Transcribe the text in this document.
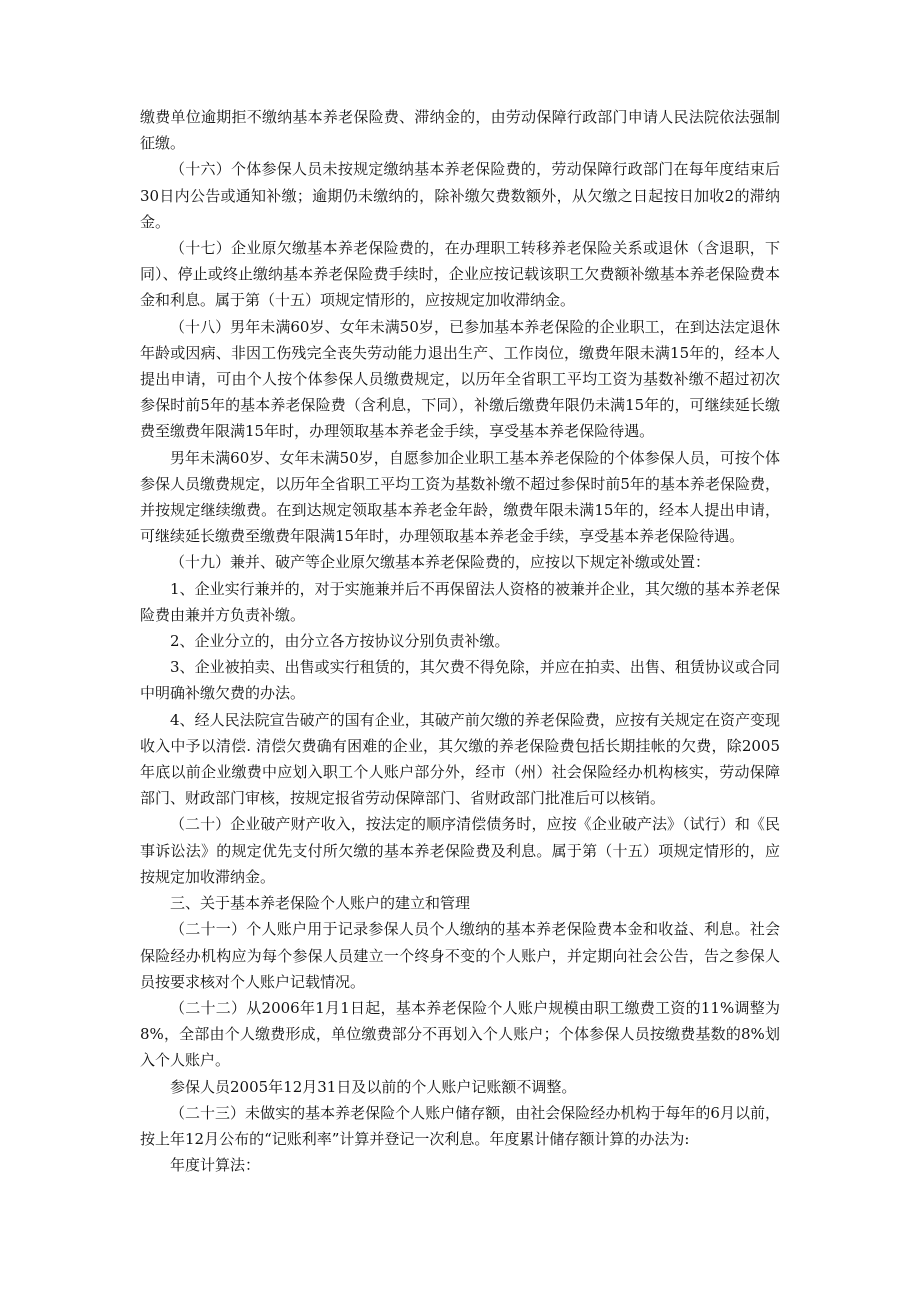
缴费单位逾期拒不缴纳基本养老保险费、滞纳金的，由劳动保障行政部门申请人民法院依法强制征缴。

（十六）个体参保人员未按规定缴纳基本养老保险费的，劳动保障行政部门在每年度结束后30日内公告或通知补缴；逾期仍未缴纳的，除补缴欠费数额外，从欠缴之日起按日加收2的滞纳金。

（十七）企业原欠缴基本养老保险费的，在办理职工转移养老保险关系或退休（含退职，下同）、停止或终止缴纳基本养老保险费手续时，企业应按记载该职工欠费额补缴基本养老保险费本金和利息。属于第（十五）项规定情形的，应按规定加收滞纳金。

（十八）男年未满60岁、女年未满50岁，已参加基本养老保险的企业职工，在到达法定退休年龄或因病、非因工伤残完全丧失劳动能力退出生产、工作岗位，缴费年限未满15年的，经本人提出申请，可由个人按个体参保人员缴费规定，以历年全省职工平均工资为基数补缴不超过初次参保时前5年的基本养老保险费（含利息，下同），补缴后缴费年限仍未满15年的，可继续延长缴费至缴费年限满15年时，办理领取基本养老金手续，享受基本养老保险待遇。

男年未满60岁、女年未满50岁，自愿参加企业职工基本养老保险的个体参保人员，可按个体参保人员缴费规定，以历年全省职工平均工资为基数补缴不超过参保时前5年的基本养老保险费，并按规定继续缴费。在到达规定领取基本养老金年龄，缴费年限未满15年的，经本人提出申请，可继续延长缴费至缴费年限满15年时，办理领取基本养老金手续，享受基本养老保险待遇。

（十九）兼并、破产等企业原欠缴基本养老保险费的，应按以下规定补缴或处置：

1、企业实行兼并的，对于实施兼并后不再保留法人资格的被兼并企业，其欠缴的基本养老保险费由兼并方负责补缴。

2、企业分立的，由分立各方按协议分别负责补缴。

3、企业被拍卖、出售或实行租赁的，其欠费不得免除，并应在拍卖、出售、租赁协议或合同中明确补缴欠费的办法。

4、经人民法院宣告破产的国有企业，其破产前欠缴的养老保险费，应按有关规定在资产变现收入中予以清偿. 清偿欠费确有困难的企业，其欠缴的养老保险费包括长期挂帐的欠费，除2005年底以前企业缴费中应划入职工个人账户部分外，经市（州）社会保险经办机构核实，劳动保障部门、财政部门审核，按规定报省劳动保障部门、省财政部门批准后可以核销。

（二十）企业破产财产收入，按法定的顺序清偿债务时，应按《企业破产法》（试行）和《民事诉讼法》的规定优先支付所欠缴的基本养老保险费及利息。属于第（十五）项规定情形的，应按规定加收滞纳金。

三、关于基本养老保险个人账户的建立和管理

（二十一）个人账户用于记录参保人员个人缴纳的基本养老保险费本金和收益、利息。社会保险经办机构应为每个参保人员建立一个终身不变的个人账户，并定期向社会公告，告之参保人员按要求核对个人账户记载情况。

（二十二）从2006年1月1日起，基本养老保险个人账户规模由职工缴费工资的11%调整为8%，全部由个人缴费形成，单位缴费部分不再划入个人账户；个体参保人员按缴费基数的8%划入个人账户。

参保人员2005年12月31日及以前的个人账户记账额不调整。

（二十三）未做实的基本养老保险个人账户储存额，由社会保险经办机构于每年的6月以前，按上年12月公布的“记账利率”计算并登记一次利息。年度累计储存额计算的办法为:

年度计算法：
